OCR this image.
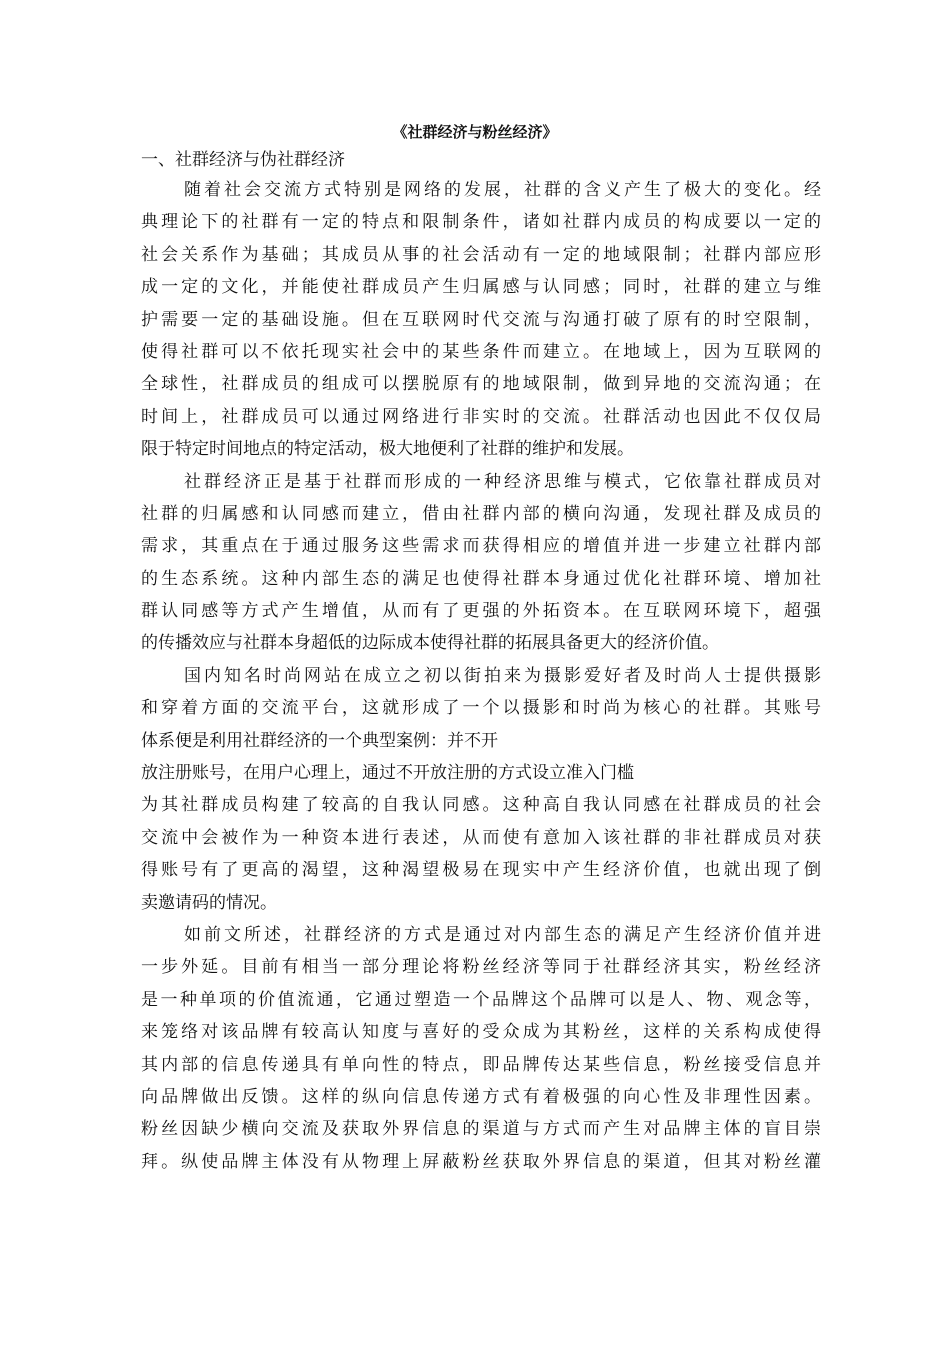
《社群经济与粉丝经济》
一、社群经济与伪社群经济
随着社会交流方式特别是网络的发展，社群的含义产生了极大的变化。经
典理论下的社群有一定的特点和限制条件，诸如社群内成员的构成要以一定的
社会关系作为基础；其成员从事的社会活动有一定的地域限制；社群内部应形
成一定的文化，并能使社群成员产生归属感与认同感；同时，社群的建立与维
护需要一定的基础设施。但在互联网时代交流与沟通打破了原有的时空限制，
使得社群可以不依托现实社会中的某些条件而建立。在地域上，因为互联网的
全球性，社群成员的组成可以摆脱原有的地域限制，做到异地的交流沟通；在
时间上，社群成员可以通过网络进行非实时的交流。社群活动也因此不仅仅局
限于特定时间地点的特定活动，极大地便利了社群的维护和发展。
社群经济正是基于社群而形成的一种经济思维与模式，它依靠社群成员对
社群的归属感和认同感而建立，借由社群内部的横向沟通，发现社群及成员的
需求，其重点在于通过服务这些需求而获得相应的增值并进一步建立社群内部
的生态系统。这种内部生态的满足也使得社群本身通过优化社群环境、增加社
群认同感等方式产生增值，从而有了更强的外拓资本。在互联网环境下，超强
的传播效应与社群本身超低的边际成本使得社群的拓展具备更大的经济价值。
国内知名时尚网站在成立之初以街拍来为摄影爱好者及时尚人士提供摄影
和穿着方面的交流平台，这就形成了一个以摄影和时尚为核心的社群。其账号
体系便是利用社群经济的一个典型案例：并不开
放注册账号，在用户心理上，通过不开放注册的方式设立准入门槛
为其社群成员构建了较高的自我认同感。这种高自我认同感在社群成员的社会
交流中会被作为一种资本进行表述，从而使有意加入该社群的非社群成员对获
得账号有了更高的渴望，这种渴望极易在现实中产生经济价值，也就出现了倒
卖邀请码的情况。
如前文所述，社群经济的方式是通过对内部生态的满足产生经济价值并进
一步外延。目前有相当一部分理论将粉丝经济等同于社群经济其实，粉丝经济
是一种单项的价值流通，它通过塑造一个品牌这个品牌可以是人、物、观念等，
来笼络对该品牌有较高认知度与喜好的受众成为其粉丝，这样的关系构成使得
其内部的信息传递具有单向性的特点，即品牌传达某些信息，粉丝接受信息并
向品牌做出反馈。这样的纵向信息传递方式有着极强的向心性及非理性因素。
粉丝因缺少横向交流及获取外界信息的渠道与方式而产生对品牌主体的盲目崇
拜。纵使品牌主体没有从物理上屏蔽粉丝获取外界信息的渠道，但其对粉丝灌
